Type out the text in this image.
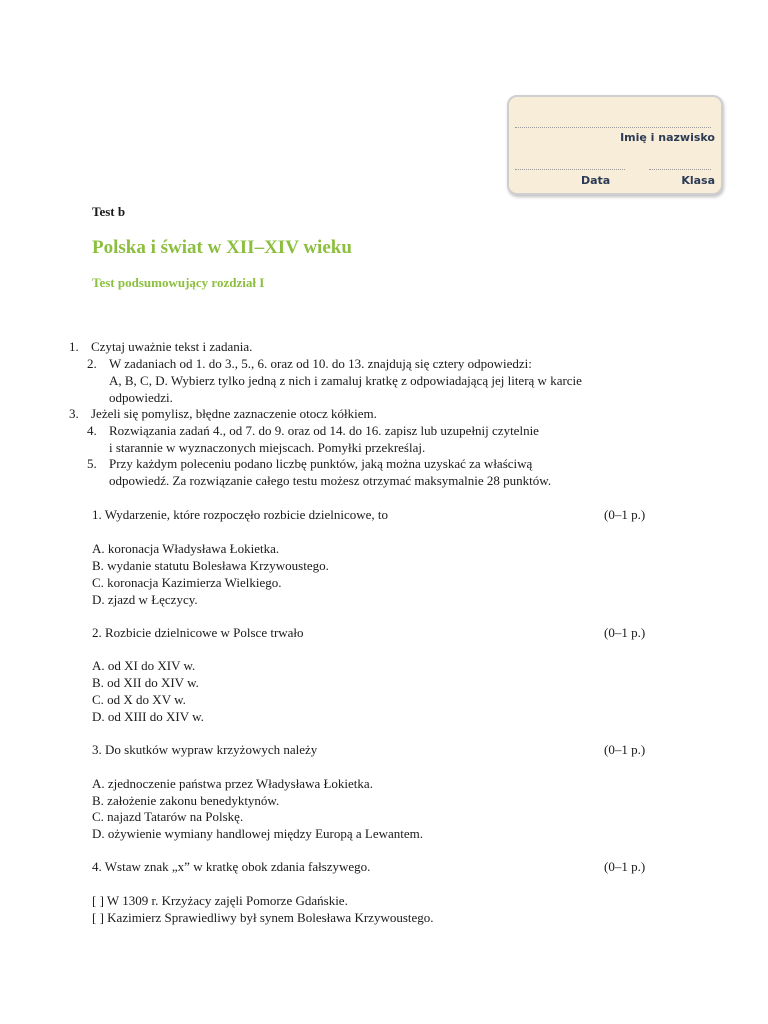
Imię i nazwisko
Data	Klasa
Test b
Polska i świat w XII–XIV wieku
Test podsumowujący rozdział I
1. Czytaj uważnie tekst i zadania.
2. W zadaniach od 1. do 3., 5., 6. oraz od 10. do 13. znajdują się cztery odpowiedzi:
A, B, C, D. Wybierz tylko jedną z nich i zamaluj kratkę z odpowiadającą jej literą w karcie
odpowiedzi.
3. Jeżeli się pomylisz, błędne zaznaczenie otocz kółkiem.
4. Rozwiązania zadań 4., od 7. do 9. oraz od 14. do 16. zapisz lub uzupełnij czytelnie
i starannie w wyznaczonych miejscach. Pomyłki przekreślaj.
5. Przy każdym poleceniu podano liczbę punktów, jaką można uzyskać za właściwą
odpowiedź. Za rozwiązanie całego testu możesz otrzymać maksymalnie 28 punktów.
1. Wydarzenie, które rozpoczęło rozbicie dzielnicowe, to	(0–1 p.)
A. koronacja Władysława Łokietka.
B. wydanie statutu Bolesława Krzywoustego.
C. koronacja Kazimierza Wielkiego.
D. zjazd w Łęczycy.
2. Rozbicie dzielnicowe w Polsce trwało	(0–1 p.)
A. od XI do XIV w.
B. od XII do XIV w.
C. od X do XV w.
D. od XIII do XIV w.
3. Do skutków wypraw krzyżowych należy	(0–1 p.)
A. zjednoczenie państwa przez Władysława Łokietka.
B. założenie zakonu benedyktynów.
C. najazd Tatarów na Polskę.
D. ożywienie wymiany handlowej między Europą a Lewantem.
4. Wstaw znak „x” w kratkę obok zdania fałszywego.	(0–1 p.)
[ ] W 1309 r. Krzyżacy zajęli Pomorze Gdańskie.
[ ] Kazimierz Sprawiedliwy był synem Bolesława Krzywoustego.
